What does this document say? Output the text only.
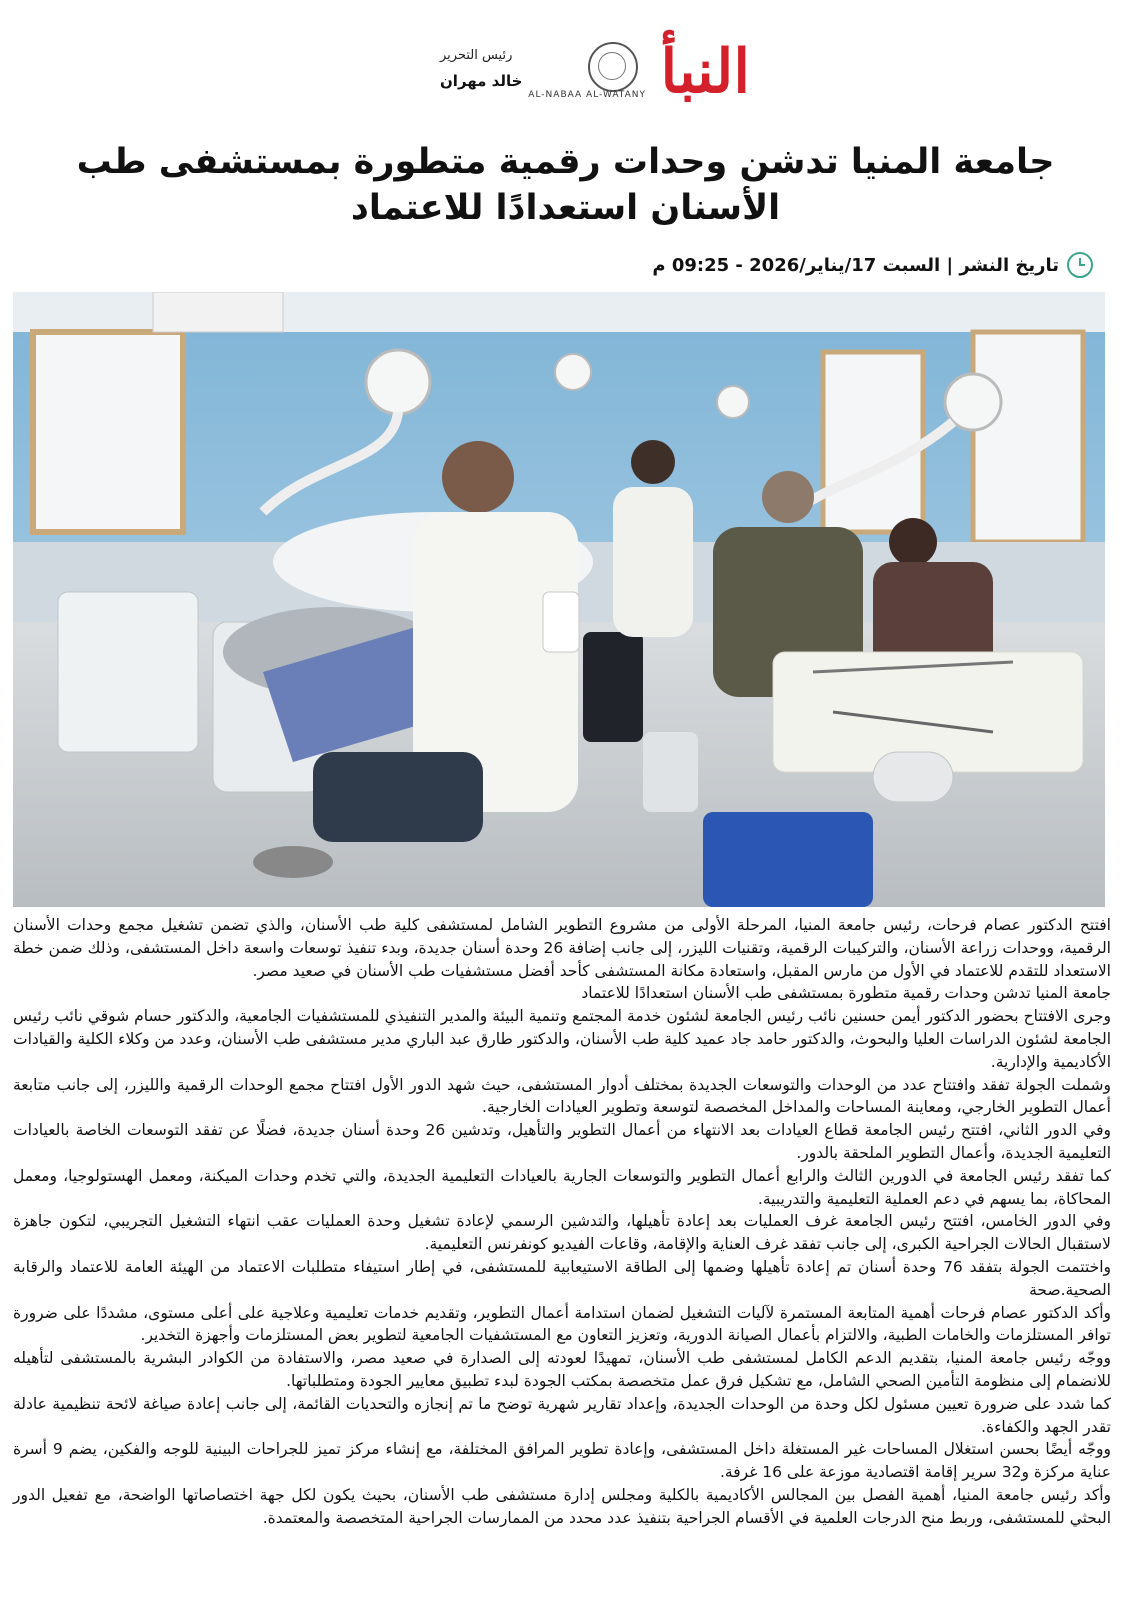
النبأ
AL-NABAA AL-WATANY
رئيس التحرير
خالد مهران
جامعة المنيا تدشن وحدات رقمية متطورة بمستشفى طب الأسنان استعدادًا للاعتماد
تاريخ النشر | السبت 17/يناير/2026 - 09:25 م

افتتح الدكتور عصام فرحات، رئيس جامعة المنيا، المرحلة الأولى من مشروع التطوير الشامل لمستشفى كلية طب الأسنان، والذي تضمن تشغيل مجمع وحدات الأسنان الرقمية، ووحدات زراعة الأسنان، والتركيبات الرقمية، وتقنيات الليزر، إلى جانب إضافة 26 وحدة أسنان جديدة، وبدء تنفيذ توسعات واسعة داخل المستشفى، وذلك ضمن خطة الاستعداد للتقدم للاعتماد في الأول من مارس المقبل، واستعادة مكانة المستشفى كأحد أفضل مستشفيات طب الأسنان في صعيد مصر.

جامعة المنيا تدشن وحدات رقمية متطورة بمستشفى طب الأسنان استعدادًا للاعتماد

وجرى الافتتاح بحضور الدكتور أيمن حسنين نائب رئيس الجامعة لشئون خدمة المجتمع وتنمية البيئة والمدير التنفيذي للمستشفيات الجامعية، والدكتور حسام شوقي نائب رئيس الجامعة لشئون الدراسات العليا والبحوث، والدكتور حامد جاد عميد كلية طب الأسنان، والدكتور طارق عبد الباري مدير مستشفى طب الأسنان، وعدد من وكلاء الكلية والقيادات الأكاديمية والإدارية.

وشملت الجولة تفقد وافتتاح عدد من الوحدات والتوسعات الجديدة بمختلف أدوار المستشفى، حيث شهد الدور الأول افتتاح مجمع الوحدات الرقمية والليزر، إلى جانب متابعة أعمال التطوير الخارجي، ومعاينة المساحات والمداخل المخصصة لتوسعة وتطوير العيادات الخارجية.

وفي الدور الثاني، افتتح رئيس الجامعة قطاع العيادات بعد الانتهاء من أعمال التطوير والتأهيل، وتدشين 26 وحدة أسنان جديدة، فضلًا عن تفقد التوسعات الخاصة بالعيادات التعليمية الجديدة، وأعمال التطوير الملحقة بالدور.

كما تفقد رئيس الجامعة في الدورين الثالث والرابع أعمال التطوير والتوسعات الجارية بالعيادات التعليمية الجديدة، والتي تخدم وحدات الميكنة، ومعمل الهستولوجيا، ومعمل المحاكاة، بما يسهم في دعم العملية التعليمية والتدريبية.

وفي الدور الخامس، افتتح رئيس الجامعة غرف العمليات بعد إعادة تأهيلها، والتدشين الرسمي لإعادة تشغيل وحدة العمليات عقب انتهاء التشغيل التجريبي، لتكون جاهزة لاستقبال الحالات الجراحية الكبرى، إلى جانب تفقد غرف العناية والإقامة، وقاعات الفيديو كونفرنس التعليمية.

واختتمت الجولة بتفقد 76 وحدة أسنان تم إعادة تأهيلها وضمها إلى الطاقة الاستيعابية للمستشفى، في إطار استيفاء متطلبات الاعتماد من الهيئة العامة للاعتماد والرقابة الصحية.صحة

وأكد الدكتور عصام فرحات أهمية المتابعة المستمرة لآليات التشغيل لضمان استدامة أعمال التطوير، وتقديم خدمات تعليمية وعلاجية على أعلى مستوى، مشددًا على ضرورة توافر المستلزمات والخامات الطبية، والالتزام بأعمال الصيانة الدورية، وتعزيز التعاون مع المستشفيات الجامعية لتطوير بعض المستلزمات وأجهزة التخدير.

ووجّه رئيس جامعة المنيا، بتقديم الدعم الكامل لمستشفى طب الأسنان، تمهيدًا لعودته إلى الصدارة في صعيد مصر، والاستفادة من الكوادر البشرية بالمستشفى لتأهيله للانضمام إلى منظومة التأمين الصحي الشامل، مع تشكيل فرق عمل متخصصة بمكتب الجودة لبدء تطبيق معايير الجودة ومتطلباتها.

كما شدد على ضرورة تعيين مسئول لكل وحدة من الوحدات الجديدة، وإعداد تقارير شهرية توضح ما تم إنجازه والتحديات القائمة، إلى جانب إعادة صياغة لائحة تنظيمية عادلة تقدر الجهد والكفاءة.

ووجّه أيضًا بحسن استغلال المساحات غير المستغلة داخل المستشفى، وإعادة تطوير المرافق المختلفة، مع إنشاء مركز تميز للجراحات البينية للوجه والفكين، يضم 9 أسرة عناية مركزة و32 سرير إقامة اقتصادية موزعة على 16 غرفة.

وأكد رئيس جامعة المنيا، أهمية الفصل بين المجالس الأكاديمية بالكلية ومجلس إدارة مستشفى طب الأسنان، بحيث يكون لكل جهة اختصاصاتها الواضحة، مع تفعيل الدور البحثي للمستشفى، وربط منح الدرجات العلمية في الأقسام الجراحية بتنفيذ عدد محدد من الممارسات الجراحية المتخصصة والمعتمدة.
